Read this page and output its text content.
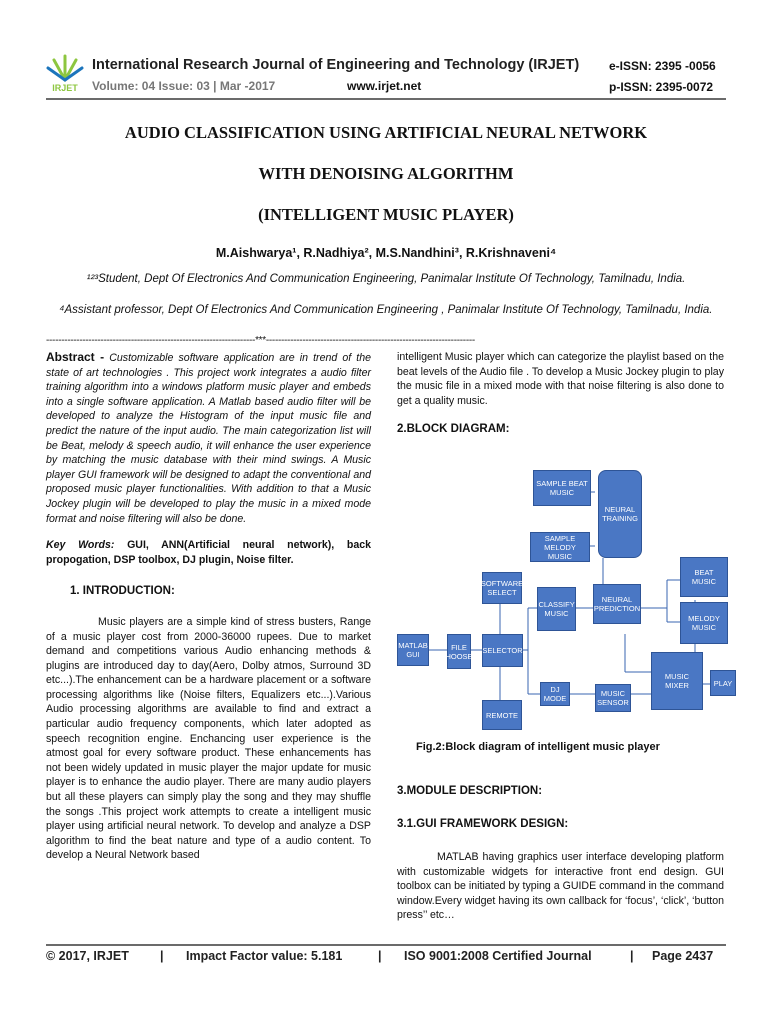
IRJET
International Research Journal of Engineering and Technology (IRJET)
Volume: 04 Issue: 03 | Mar -2017	www.irjet.net
e-ISSN: 2395 -0056
p-ISSN: 2395-0072
AUDIO CLASSIFICATION USING ARTIFICIAL NEURAL NETWORK
WITH DENOISING ALGORITHM
(INTELLIGENT MUSIC PLAYER)
M.Aishwarya¹, R.Nadhiya², M.S.Nandhini³, R.Krishnaveni⁴
¹²³Student, Dept Of Electronics And Communication Engineering, Panimalar Institute Of Technology, Tamilnadu, India.
⁴Assistant professor, Dept Of Electronics And Communication Engineering , Panimalar Institute Of Technology, Tamilnadu, India.
---------------------------------------------------------------------***---------------------------------------------------------------------

Abstract - Customizable software application are in trend of the state of art technologies . This project work integrates a audio filter training algorithm into a windows platform music player and embeds into a single software application. A Matlab based audio filter will be developed to analyze the Histogram of the input music file and predict the nature of the input audio. The main categorization list will be Beat, melody & speech audio, it will enhance the user experience by matching the music database with their mind swings. A Music player GUI framework will be designed to adapt the conventional and proposed music player functionalities. With addition to that a Music Jockey plugin will be developed to play the music in a mixed mode format and noise filtering will also be done.

Key Words: GUI, ANN(Artificial neural network), back propogation, DSP toolbox, DJ plugin, Noise filter.

1. INTRODUCTION:

Music players are a simple kind of stress busters, Range of a music player cost from 2000-36000 rupees. Due to market demand and competitions various Audio enhancing methods & plugins are introduced day to day(Aero, Dolby atmos, Surround 3D etc...).The enhancement can be a hardware placement or a software processing algorithms like (Noise filters, Equalizers etc...).Various Audio processing algorithms are available to find and extract a particular audio frequency components, which later adopted as speech recognition engine. Enchancing user experience is the atmost goal for every software product. These enhancements has not been widely updated in music player the major update for music player is to enhance the audio player. There are many audio players but all these players can simply play the song and they may shuffle the songs .This project work attempts to create a intelligent music player using artificial neural network. To develop and analyze a DSP algorithm to find the beat nature and type of a audio content. To develop a Neural Network based

intelligent Music player which can categorize the playlist based on the beat levels of the Audio file . To develop a Music Jockey plugin to play the music file in a mixed mode with that noise filtering is also done to get a quality music.
2.BLOCK DIAGRAM:
SAMPLE BEAT MUSIC
NEURAL TRAINING
SAMPLE MELODY MUSIC
SOFTWARE SELECT
CLASSIFY MUSIC
NEURAL PREDICTION
BEAT MUSIC
MELODY MUSIC
MATLAB GUI
FILE CHOOSER
SELECTOR
DJ MODE
MUSIC SENSOR
MUSIC MIXER	PLAY
REMOTE
Fig.2:Block diagram of intelligent music player
3.MODULE DESCRIPTION:
3.1.GUI FRAMEWORK DESIGN:
MATLAB having graphics user interface developing platform with customizable widgets for interactive front end design. GUI toolbox can be initiated by typing a GUIDE command in the command window.Every widget having its own callback for ‘focus’, ‘click’, ‘button press’’ etc…
© 2017, IRJET | Impact Factor value: 5.181	| ISO 9001:2008 Certified Journal	| Page 2437
